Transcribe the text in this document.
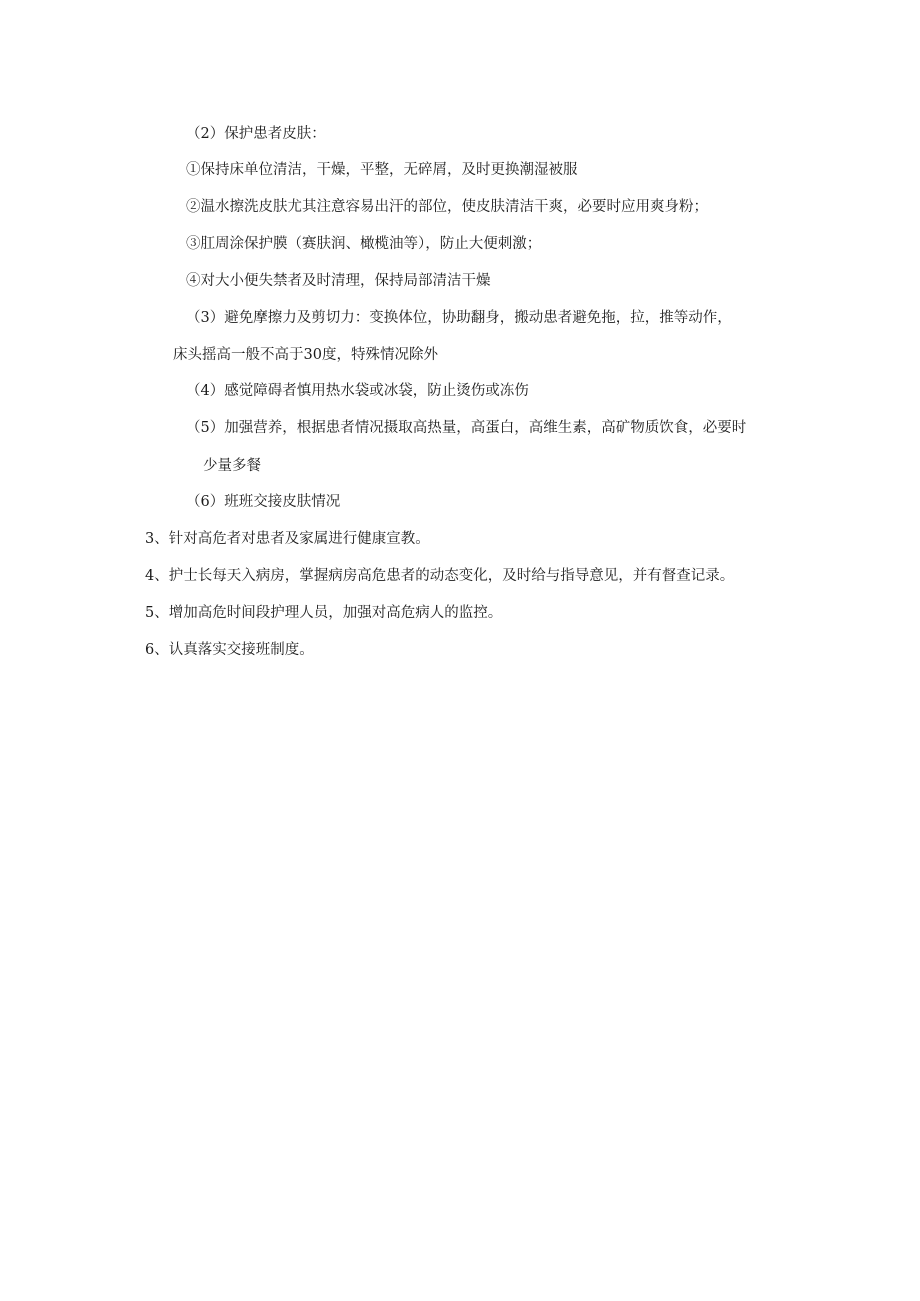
（2）保护患者皮肤：
①保持床单位清洁，干燥，平整，无碎屑，及时更换潮湿被服
②温水擦洗皮肤尤其注意容易出汗的部位，使皮肤清洁干爽，必要时应用爽身粉；
③肛周涂保护膜（赛肤润、橄榄油等），防止大便刺激；
④对大小便失禁者及时清理，保持局部清洁干燥
（3）避免摩擦力及剪切力：变换体位，协助翻身，搬动患者避免拖，拉，推等动作，
床头摇高一般不高于30度，特殊情况除外
（4）感觉障碍者慎用热水袋或冰袋，防止烫伤或冻伤
（5）加强营养，根据患者情况摄取高热量，高蛋白，高维生素，高矿物质饮食，必要时
少量多餐
（6）班班交接皮肤情况
3、针对高危者对患者及家属进行健康宣教。
4、护士长每天入病房，掌握病房高危患者的动态变化，及时给与指导意见，并有督查记录。
5、增加高危时间段护理人员，加强对高危病人的监控。
6、认真落实交接班制度。
